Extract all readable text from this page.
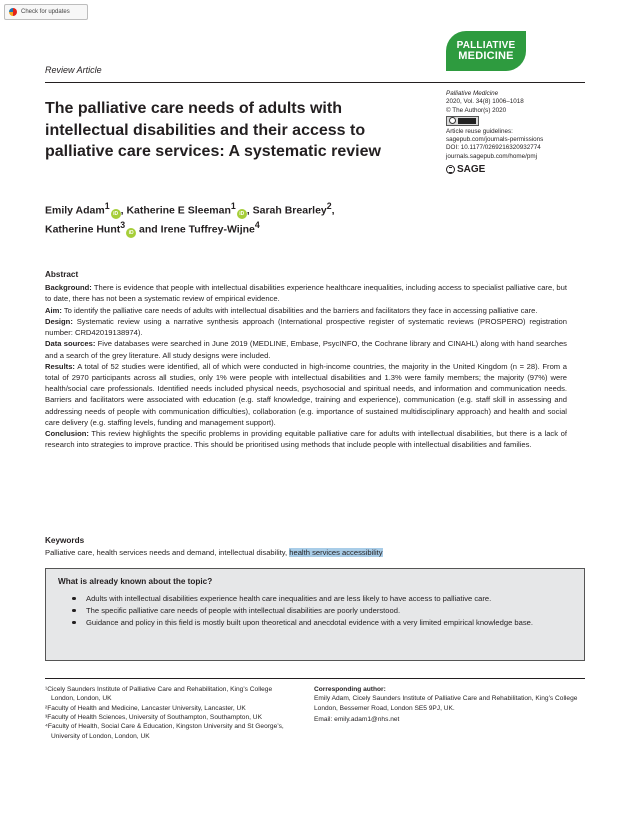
Check for updates
PALLIATIVE
MEDICINE
Review Article
The palliative care needs of adults with intellectual disabilities and their access to palliative care services: A systematic review
Palliative Medicine
2020, Vol. 34(8) 1006–1018
© The Author(s) 2020
Article reuse guidelines:
sagepub.com/journals-permissions
DOI: 10.1177/0269216320932774
journals.sagepub.com/home/pmj
SAGE
Emily Adam$^1$iD , Katherine E Sleeman$^1$iD , Sarah Brearley$^2$,
Katherine Hunt$^3$iD and Irene Tuffrey-Wijne$^4$
Abstract

Background: There is evidence that people with intellectual disabilities experience healthcare inequalities, including access to specialist palliative care, but to date, there has not been a systematic review of empirical evidence.

Aim: To identify the palliative care needs of adults with intellectual disabilities and the barriers and facilitators they face in accessing palliative care.

Design: Systematic review using a narrative synthesis approach (International prospective register of systematic reviews (PROSPERO) registration number: CRD42019138974).

Data sources: Five databases were searched in June 2019 (MEDLINE, Embase, PsycINFO, the Cochrane library and CINAHL) along with hand searches and a search of the grey literature. All study designs were included.

Results: A total of 52 studies were identified, all of which were conducted in high-income countries, the majority in the United Kingdom (n = 28). From a total of 2970 participants across all studies, only 1% were people with intellectual disabilities and 1.3% were family members; the majority (97%) were health/social care professionals. Identified needs included physical needs, psychosocial and spiritual needs, and information and communication needs. Barriers and facilitators were associated with education (e.g. staff knowledge, training and experience), communication (e.g. staff skill in assessing and addressing needs of people with communication difficulties), collaboration (e.g. importance of sustained multidisciplinary approach) and health and social care delivery (e.g. staffing levels, funding and management support).

Conclusion: This review highlights the specific problems in providing equitable palliative care for adults with intellectual disabilities, but there is a lack of research into strategies to improve practice. This should be prioritised using methods that include people with intellectual disabilities and families.

Keywords
Palliative care, health services needs and demand, intellectual disability, health services accessibility
What is already known about the topic?
Adults with intellectual disabilities experience health care inequalities and are less likely to have access to palliative care.
The specific palliative care needs of people with intellectual disabilities are poorly understood.
Guidance and policy in this field is mostly built upon theoretical and anecdotal evidence with a very limited empirical knowledge base.
¹Cicely Saunders Institute of Palliative Care and Rehabilitation, King’s College London, London, UK
²Faculty of Health and Medicine, Lancaster University, Lancaster, UK
³Faculty of Health Sciences, University of Southampton, Southampton, UK
⁴Faculty of Health, Social Care & Education, Kingston University and St George’s, University of London, London, UK
Corresponding author:
Emily Adam, Cicely Saunders Institute of Palliative Care and Rehabilitation, King’s College London, Bessemer Road, London SE5 9PJ, UK.
Email: emily.adam1@nhs.net
